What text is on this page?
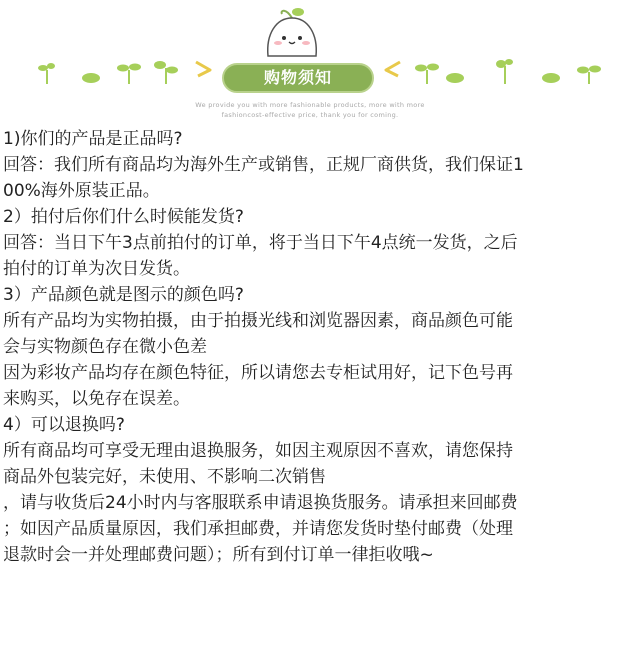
购物须知
We provide you with more fashionable products, more with more
fashioncost-effective price, thank you for coming.
1)你们的产品是正品吗?
回答：我们所有商品均为海外生产或销售，正规厂商供货，我们保证1
00%海外原装正品。
2）拍付后你们什么时候能发货?
回答：当日下午3点前拍付的订单，将于当日下午4点统一发货，之后
拍付的订单为次日发货。
3）产品颜色就是图示的颜色吗?
所有产品均为实物拍摄，由于拍摄光线和浏览器因素，商品颜色可能
会与实物颜色存在微小色差
因为彩妆产品均存在颜色特征，所以请您去专柜试用好，记下色号再
来购买，以免存在误差。
4）可以退换吗?
所有商品均可享受无理由退换服务，如因主观原因不喜欢，请您保持
商品外包装完好，未使用、不影响二次销售
，请与收货后24小时内与客服联系申请退换货服务。请承担来回邮费
；如因产品质量原因，我们承担邮费，并请您发货时垫付邮费（处理
退款时会一并处理邮费问题）；所有到付订单一律拒收哦~
